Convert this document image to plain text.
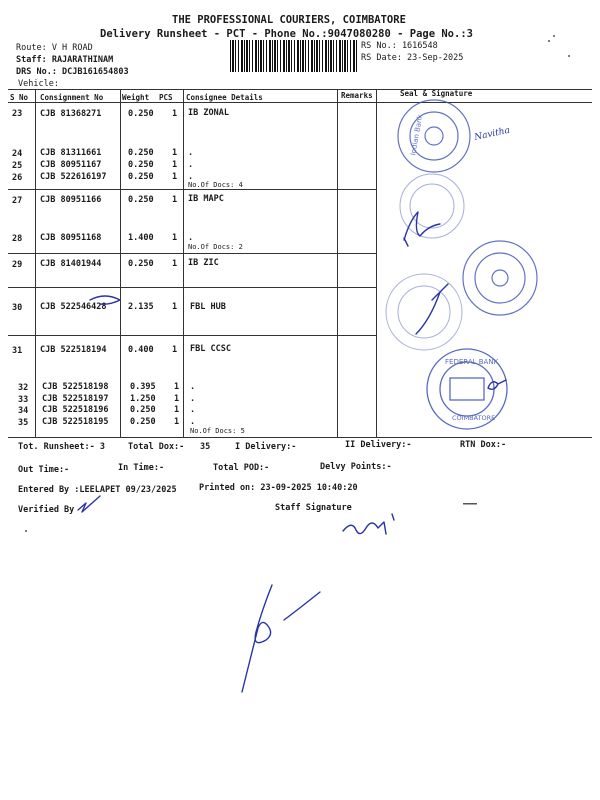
THE PROFESSIONAL COURIERS, COIMBATORE
Delivery Runsheet - PCT - Phone No.:9047080280 - Page No.:3
Route: V H ROAD
Staff: RAJARATHINAM
DRS No.: DCJB161654803
Vehicle:
RS No.: 1616548
RS Date: 23-Sep-2025
S No Consignment No	Weight PCS Consignee Details	Remarks	Seal & Signature
23 CJB 81368271	0.250 1 IB ZONAL
24 CJB 81311661	0.250 1 .
25 CJB 80951167	0.250 1 .
26 CJB 522616197	0.250 1 .
No.Of Docs: 4
27 CJB 80951166	0.250 1 IB MAPC
28 CJB 80951168	1.400 1 .
No.Of Docs: 2
29 CJB 81401944	0.250 1 IB ZIC
30 CJB 522546428	2.135 1 FBL HUB
31 CJB 522518194	0.400 1 FBL CCSC
32 CJB 522518198	0.395 1 .
33 CJB 522518197	1.250 1 .
34 CJB 522518196	0.250 1 .
35 CJB 522518195	0.250 1 .
No.Of Docs: 5
Tot. Runsheet:- 3	Total Dox:- 35	I Delivery:-	II Delivery:-	RTN Dox:-
Out Time:-	In Time:-	Total POD:-	Delvy Points:-
Entered By :LEELAPET 09/23/2025	Printed on: 23-09-2025 10:40:20
Verified By	Staff Signature
Indian Bank
FEDERAL BANK
COIMBATORE
Navitha
